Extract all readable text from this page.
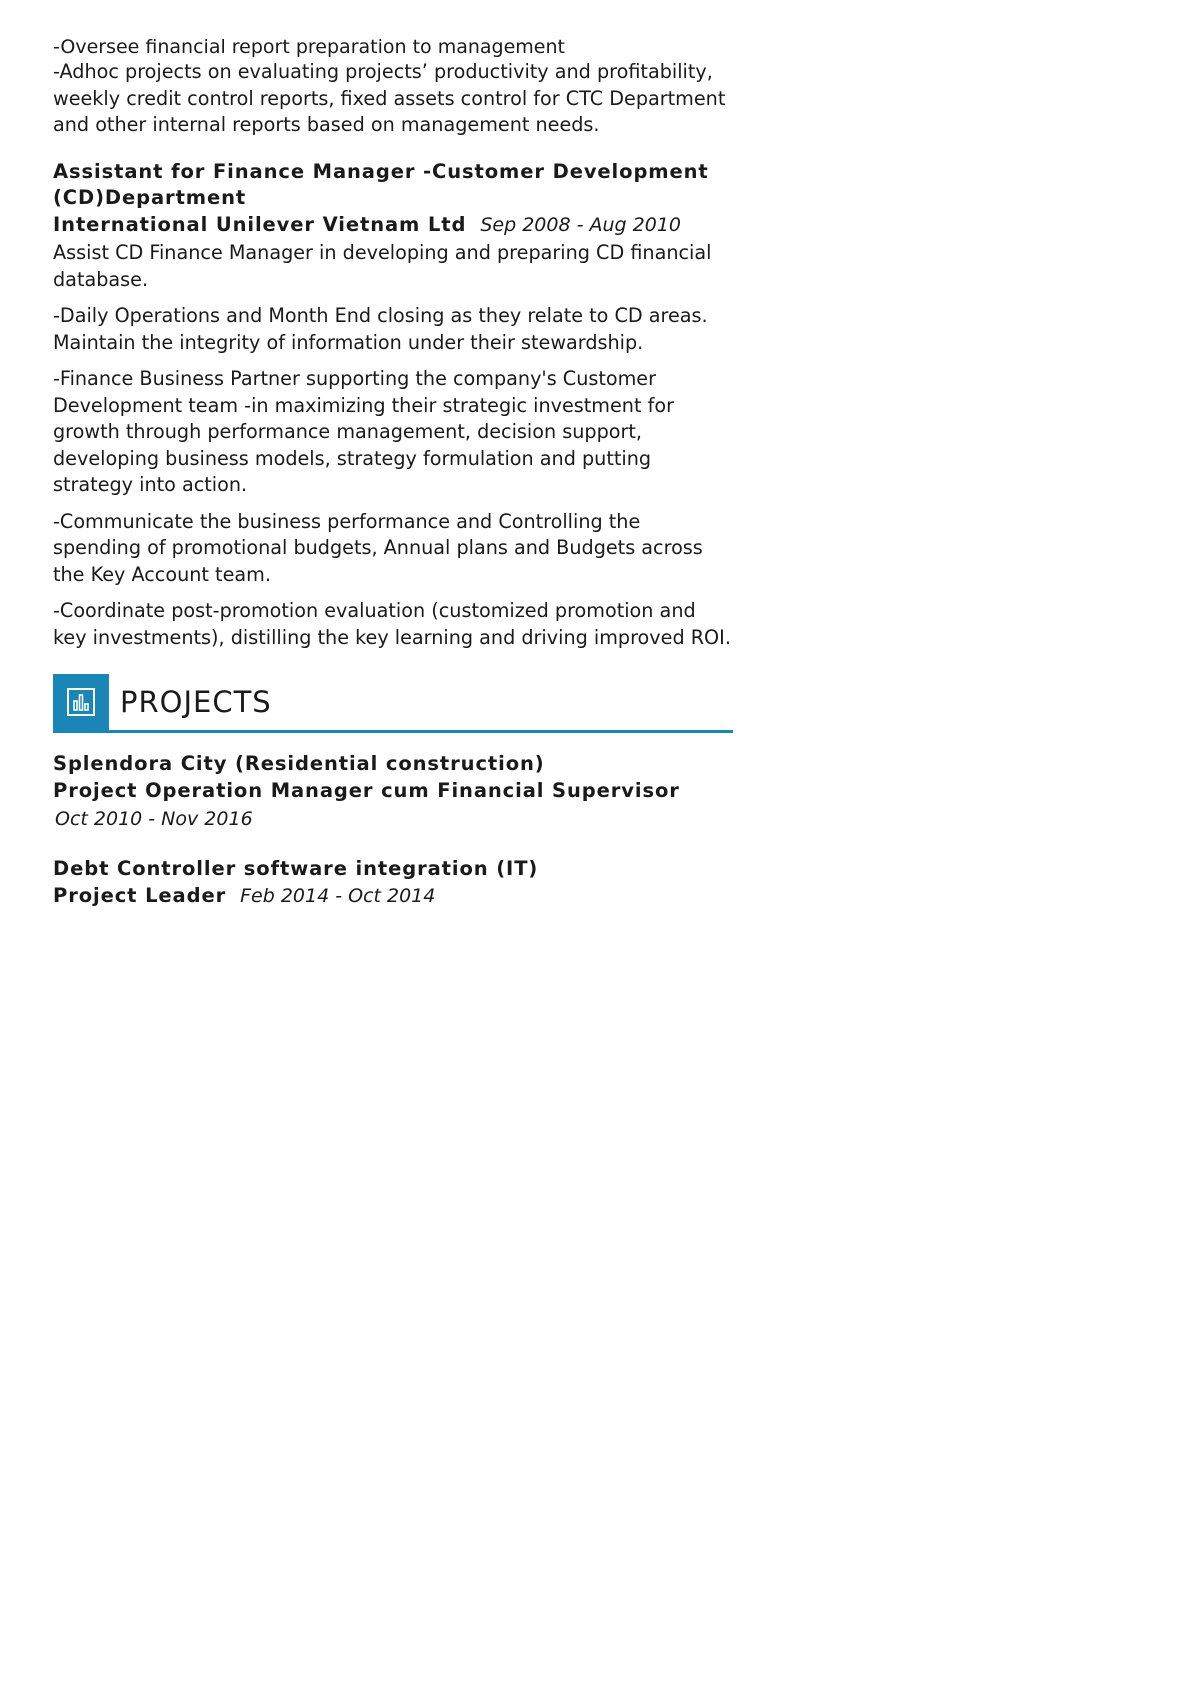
-Oversee financial report preparation to management

-Adhoc projects on evaluating projects’ productivity and profitability, weekly credit control reports, fixed assets control for CTC Department and other internal reports based on management needs.

Assistant for Finance Manager -Customer Development (CD)Department

International Unilever Vietnam Ltd Sep 2008 - Aug 2010

Assist CD Finance Manager in developing and preparing CD financial database.

-Daily Operations and Month End closing as they relate to CD areas. Maintain the integrity of information under their stewardship.

-Finance Business Partner supporting the company's Customer Development team -in maximizing their strategic investment for growth through performance management, decision support, developing business models, strategy formulation and putting strategy into action.

-Communicate the business performance and Controlling the spending of promotional budgets, Annual plans and Budgets across the Key Account team.

-Coordinate post-promotion evaluation (customized promotion and key investments), distilling the key learning and driving improved ROI.

PROJECTS
Splendora City (Residential construction)
Project Operation Manager cum Financial Supervisor
Oct 2010 - Nov 2016
Debt Controller software integration (IT)
Project Leader Feb 2014 - Oct 2014
